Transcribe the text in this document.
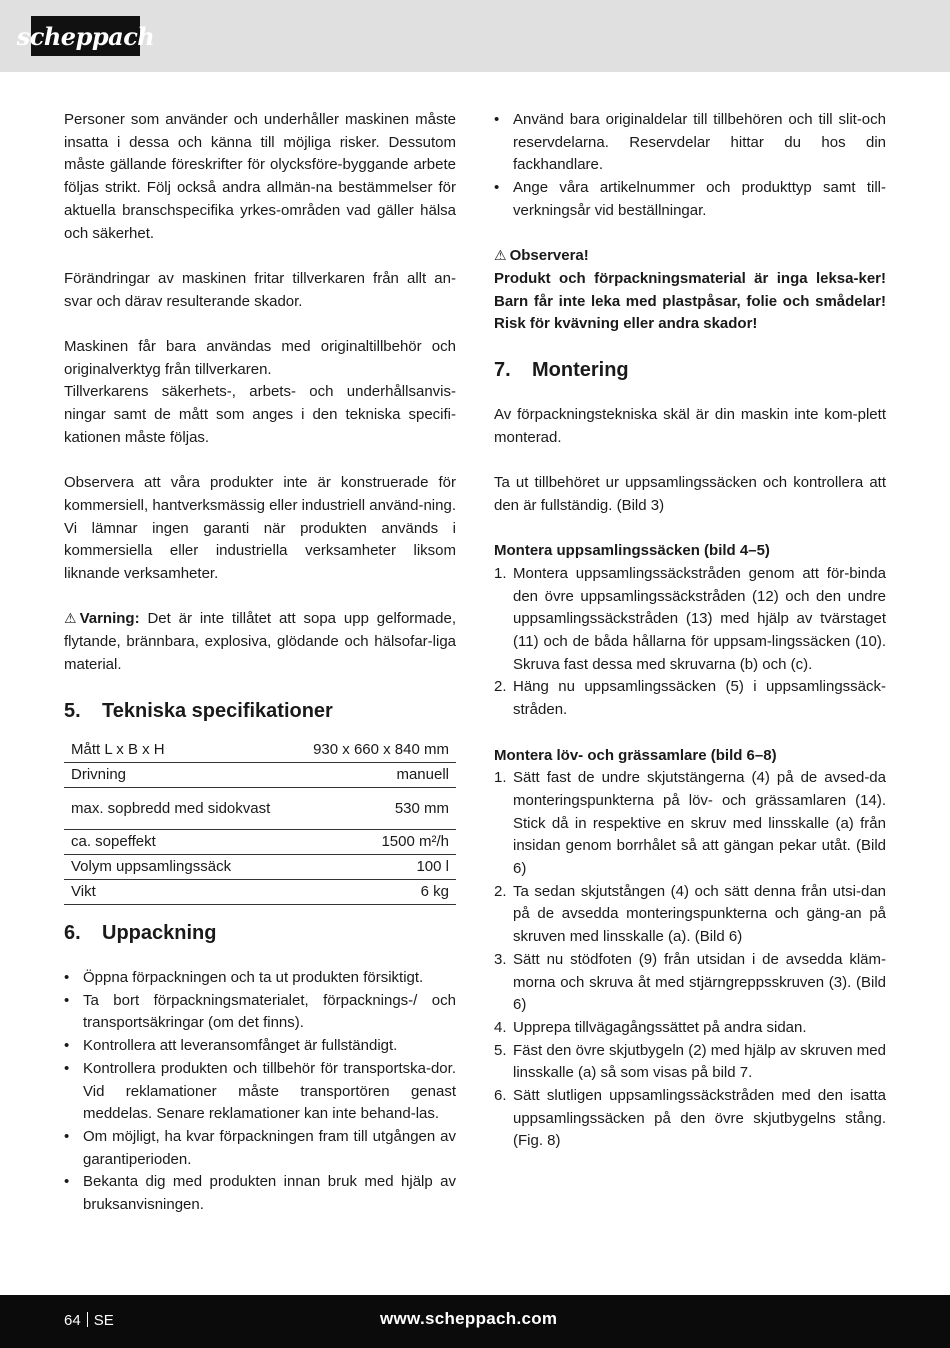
scheppach

Personer som använder och underhåller maskinen måste insatta i dessa och känna till möjliga risker. Dessutom måste gällande föreskrifter för olycksföre-byggande arbete följas strikt. Följ också andra allmän-na bestämmelser för aktuella branschspecifika yrkes-områden vad gäller hälsa och säkerhet.

Förändringar av maskinen fritar tillverkaren från allt an-svar och därav resulterande skador.

Maskinen får bara användas med originaltillbehör och originalverktyg från tillverkaren.

Tillverkarens säkerhets-, arbets- och underhållsanvis-ningar samt de mått som anges i den tekniska specifi-kationen måste följas.

Observera att våra produkter inte är konstruerade för kommersiell, hantverksmässig eller industriell använd-ning. Vi lämnar ingen garanti när produkten används i kommersiella eller industriella verksamheter liksom liknande verksamheter.

⚠ Varning: Det är inte tillåtet att sopa upp gelformade, flytande, brännbara, explosiva, glödande och hälsofar-liga material.

5.	Tekniska specifikationer
Mått L x B x H	930 x 660 x 840 mm
Drivning	manuell
max. sopbredd med sidokvast	530 mm
ca. sopeffekt	1500 m²/h
Volym uppsamlingssäck	100 l
Vikt	6 kg
6.	Uppackning
• Öppna förpackningen och ta ut produkten försiktigt.
• Ta bort förpackningsmaterialet, förpacknings-/ och transportsäkringar (om det finns).
• Kontrollera att leveransomfånget är fullständigt.
• Kontrollera produkten och tillbehör för transportska-dor. Vid reklamationer måste transportören genast meddelas. Senare reklamationer kan inte behand-las.
• Om möjligt, ha kvar förpackningen fram till utgången av garantiperioden.
• Bekanta dig med produkten innan bruk med hjälp av bruksanvisningen.
• Använd bara originaldelar till tillbehören och till slit-och reservdelarna. Reservdelar hittar du hos din fackhandlare.
• Ange våra artikelnummer och produkttyp samt till-verkningsår vid beställningar.

⚠ Observera!

Produkt och förpackningsmaterial är inga leksa-ker! Barn får inte leka med plastpåsar, folie och smådelar! Risk för kvävning eller andra skador!

7.	Montering

Av förpackningstekniska skäl är din maskin inte kom-plett monterad.

Ta ut tillbehöret ur uppsamlingssäcken och kontrollera att den är fullständig. (Bild 3)

Montera uppsamlingssäcken (bild 4–5)

1. Montera uppsamlingssäckstråden genom att för-binda den övre uppsamlingssäckstråden (12) och den undre uppsamlingssäckstråden (13) med hjälp av tvärstaget (11) och de båda hållarna för uppsam-lingssäcken (10). Skruva fast dessa med skruvarna (b) och (c).
2. Häng nu uppsamlingssäcken (5) i uppsamlingssäck-stråden.

Montera löv- och grässamlare (bild 6–8)

1. Sätt fast de undre skjutstängerna (4) på de avsed-da monteringspunkterna på löv- och grässamlaren (14). Stick då in respektive en skruv med linsskalle (a) från insidan genom borrhålet så att gängan pekar utåt. (Bild 6)
2. Ta sedan skjutstången (4) och sätt denna från utsi-dan på de avsedda monteringspunkterna och gäng-an på skruven med linsskalle (a). (Bild 6)
3. Sätt nu stödfoten (9) från utsidan i de avsedda kläm-morna och skruva åt med stjärngreppsskruven (3). (Bild 6)
4. Upprepa tillvägagångssättet på andra sidan.
5. Fäst den övre skjutbygeln (2) med hjälp av skruven med linsskalle (a) så som visas på bild 7.
6. Sätt slutligen uppsamlingssäckstråden med den isatta uppsamlingssäcken på den övre skjutbygelns stång. (Fig. 8)
64 SE	www.scheppach.com
